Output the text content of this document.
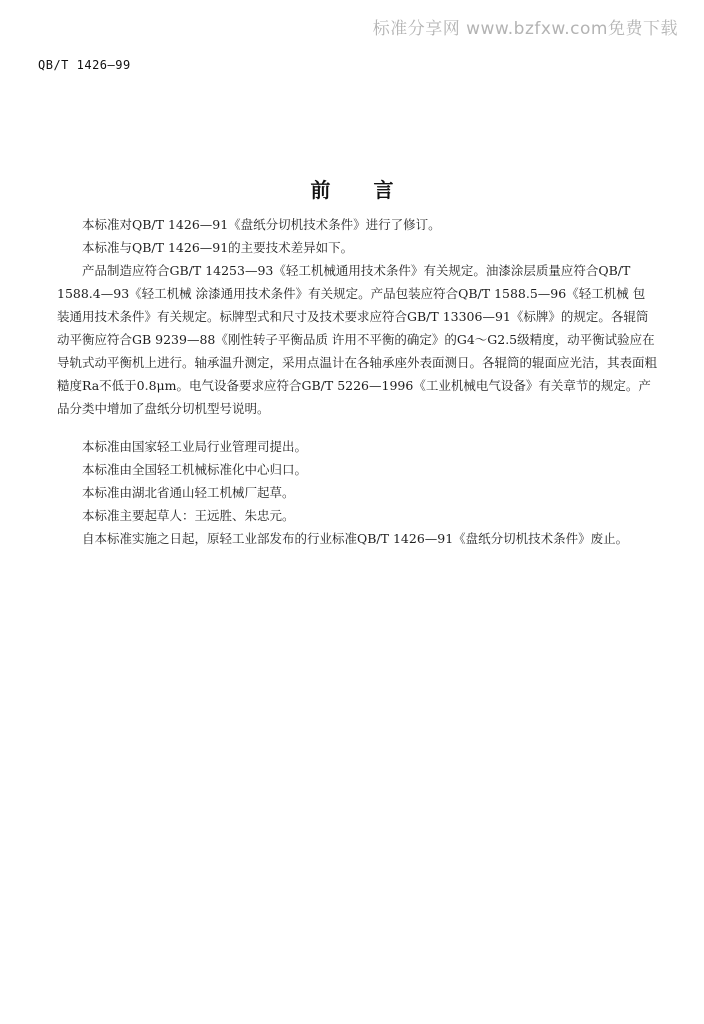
标准分享网 www.bzfxw.com免费下载
QB/T 1426—99
前 言

本标准对QB/T 1426—91《盘纸分切机技术条件》进行了修订。

本标准与QB/T 1426—91的主要技术差异如下。

产品制造应符合GB/T 14253—93《轻工机械通用技术条件》有关规定。油漆涂层质量应符合QB/T 1588.4—93《轻工机械 涂漆通用技术条件》有关规定。产品包装应符合QB/T 1588.5—96《轻工机械 包装通用技术条件》有关规定。标牌型式和尺寸及技术要求应符合GB/T 13306—91《标牌》的规定。各辊筒动平衡应符合GB 9239—88《刚性转子平衡品质 许用不平衡的确定》的G4～G2.5级精度，动平衡试验应在导轨式动平衡机上进行。轴承温升测定，采用点温计在各轴承座外表面测日。各辊筒的辊面应光洁，其表面粗糙度Ra不低于0.8μm。电气设备要求应符合GB/T 5226—1996《工业机械电气设备》有关章节的规定。产品分类中增加了盘纸分切机型号说明。

本标准由国家轻工业局行业管理司提出。

本标准由全国轻工机械标准化中心归口。

本标准由湖北省通山轻工机械厂起草。

本标准主要起草人：王远胜、朱忠元。

自本标准实施之日起，原轻工业部发布的行业标准QB/T 1426—91《盘纸分切机技术条件》废止。
